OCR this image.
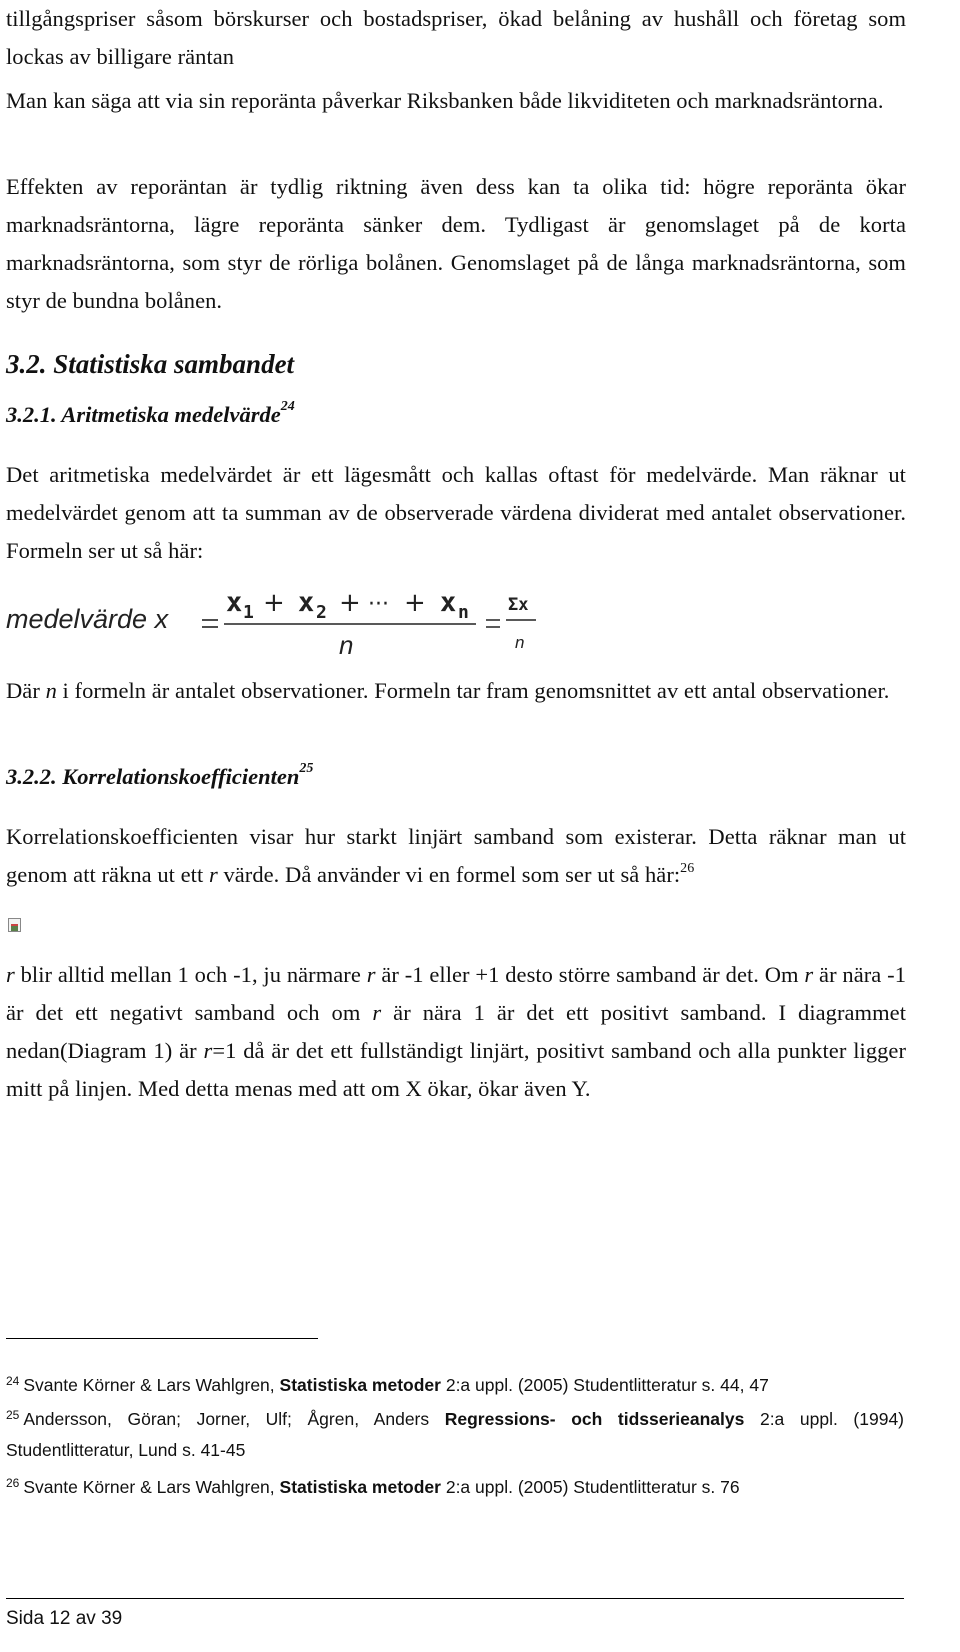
tillgångspriser såsom börskurser och bostadspriser, ökad belåning av hushåll och företag som lockas av billigare räntan

Man kan säga att via sin reporänta påverkar Riksbanken både likviditeten och marknadsräntorna.

Effekten av reporäntan är tydlig riktning även dess kan ta olika tid: högre reporänta ökar marknadsräntorna, lägre reporänta sänker dem. Tydligast är genomslaget på de korta marknadsräntorna, som styr de rörliga bolånen. Genomslaget på de långa marknadsräntorna, som styr de bundna bolånen.

3.2. Statistiska sambandet
3.2.1. Aritmetiska medelvärde$^{24}$

Det aritmetiska medelvärdet är ett lägesmått och kallas oftast för medelvärde. Man räknar ut medelvärdet genom att ta summan av de observerade värdena dividerat med antalet observationer. Formeln ser ut så här:

medelvärde x
x 1 + x 2 + ··· + x n
n
Σx
n

Där n i formeln är antalet observationer. Formeln tar fram genomsnittet av ett antal observationer.

3.2.2. Korrelationskoefficienten$^{25}$

Korrelationskoefficienten visar hur starkt linjärt samband som existerar. Detta räknar man ut genom att räkna ut ett r värde. Då använder vi en formel som ser ut så här:$^{26}$

r blir alltid mellan 1 och -1, ju närmare r är -1 eller +1 desto större samband är det. Om r är nära -1 är det ett negativt samband och om r är nära 1 är det ett positivt samband. I diagrammet nedan(Diagram 1) är r=1 då är det ett fullständigt linjärt, positivt samband och alla punkter ligger mitt på linjen. Med detta menas med att om X ökar, ökar även Y.

$^{24}$ Svante Körner & Lars Wahlgren, Statistiska metoder 2:a uppl. (2005) Studentlitteratur s. 44, 47
$^{25}$ Andersson, Göran; Jorner, Ulf; Ågren, Anders Regressions- och tidsserieanalys 2:a uppl. (1994) Studentlitteratur, Lund s. 41-45
$^{26}$ Svante Körner & Lars Wahlgren, Statistiska metoder 2:a uppl. (2005) Studentlitteratur s. 76
Sida 12 av 39
